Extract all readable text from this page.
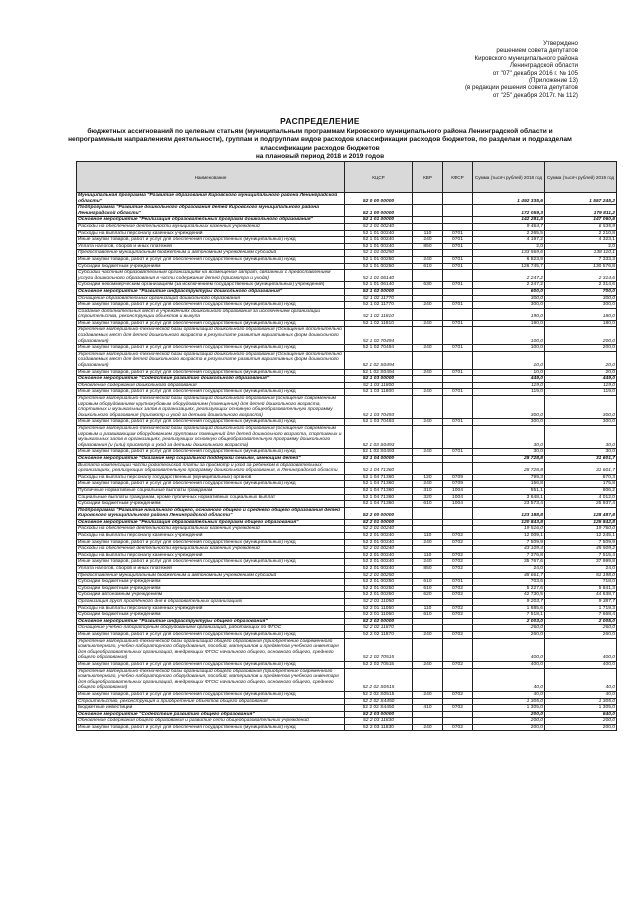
Утверждено
решением совета депутатов
Кировского муниципального района
Ленинградской области
от "07" декабря 2016 г. № 105
(Приложение 13)
(в редакции решения совета депутатов
от "25" декабря 2017г. № 112)
РАСПРЕДЕЛЕНИЕ
бюджетных ассигнований по целевым статьям (муниципальным программам Кировского муниципального района Ленинградской области и непрограммным направлениям деятельности), группам и подгруппам видов расходов классификации расходов бюджетов, по разделам и подразделам классификации расходов бюджетов
на плановый период 2018 и 2019 годов
Наименование	КЦСР	КВР	КФСР	Сумма (тысяч рублей) 2018 год	Сумма (тысяч рублей) 2019 год
Муниципальная программа "Развитие образования Кировского муниципального района Ленинградской области"	52 0 00 00000			1 492 335,6	1 557 245,2
Подпрограмма "Развитие дошкольного образования детей Кировского муниципального района Ленинградской области"	52 1 00 00000			172 059,3	179 811,2
Основное мероприятие "Реализация образовательных программ дошкольного образования"	52 1 01 00000			142 281,5	147 060,6
Расходы на обеспечение деятельности муниципальных казенных учреждений	52 1 01 00240			9 464,7	6 535,9
Расходы на выплаты персоналу казенных учреждений	52 1 01 00240	110	0701	2 265,5	2 210,8
Иные закупки товаров, работ и услуг для обеспечения государственных (муниципальных) нужд	52 1 01 00240	240	0701	4 197,2	4 323,1
Уплата налогов, сборов и иных платежей	52 1 01 00240	850	0701	2,0	2,0
Предоставление муниципальным бюджетным и автономным учреждениям субсидий	52 1 01 00250			133 569,6	138 110,1
Иные закупки товаров, работ и услуг для обеспечения государственных (муниципальных) нужд	52 1 01 00250	240	0701	6 823,9	7 333,3
Субсидии бюджетным учреждениям	52 1 01 00250	610	0701	126 745,7	130 576,8
Субсидии частным образовательным организациям на возмещение затрат, связанных с предоставлением услуги дошкольного образования в части содержания детей (присмотра и ухода)	52 1 01 06140			2 247,2	2 314,6
Субсидии некоммерческим организациям (за исключением государственных (муниципальных) учреждений)	52 1 01 06140	630	0701	2 247,2	2 314,6
Основное мероприятие "Развитие инфраструктуры дошкольного образования"	52 1 02 00000			600,0	700,0
Оснащение образовательных организаций дошкольного образования	52 1 02 11770			300,0	300,0
Иные закупки товаров, работ и услуг для обеспечения государственных (муниципальных) нужд	52 1 02 11770	240	0701	300,0	300,0
Создание дополнительных мест в учреждениях дошкольного образования за исключением организации строительства, реконструкции объектов и выкупа	52 1 02 11810			190,0	180,0
Иные закупки товаров, работ и услуг для обеспечения государственных (муниципальных) нужд	52 1 02 11810	240	0701	190,0	180,0
Укрепление материально-технической базы организаций дошкольного образования (Оснащение дополнительно создаваемых мест для детей дошкольного возраста в результате развития вариативных форм дошкольного образования)	52 1 02 70494			100,0	200,0
Иные закупки товаров, работ и услуг для обеспечения государственных (муниципальных) нужд	52 1 02 70494	240	0701	100,0	200,0
Укрепление материально-технической базы организаций дошкольного образования (Оснащение дополнительно создаваемых мест для детей дошкольного возраста в результате развития вариативных форм дошкольного образования)	52 1 02 S0494			10,0	20,0
Иные закупки товаров, работ и услуг для обеспечения государственных (муниципальных) нужд	52 1 02 S0494	240	0701	10,0	20,0
Основное мероприятие "Содействие развитию дошкольного образования"	52 1 03 00000			449,0	449,0
Обновление содержания дошкольного образования	52 1 03 11800			119,0	119,0
Иные закупки товаров, работ и услуг для обеспечения государственных (муниципальных) нужд	52 1 03 11800	240	0701	119,0	119,0
Укрепление материально-технической базы организаций дошкольного образования (оснащение современным игровым оборудованием крупнокубовым оборудованием (помещения) для детей дошкольного возраста, спортивных и музыкальных залов в организациях, реализующих основную общеобразовательную программу дошкольного образования (присмотр и уход за детьми дошкольного возраста)	52 1 03 70493			300,0	300,0
Иные закупки товаров, работ и услуг для обеспечения государственных (муниципальных) нужд	52 1 03 70493	240	0701	300,0	300,0
Укрепление материально-технической базы организаций дошкольного образования (оснащение современным игровым и развивающим оборудованием групповых помещений для детей дошкольного возраста, спортивных и музыкальных залов в организациях, реализующих основную общеобразовательную программу дошкольного образования (и (или) присмотр и уход за детьми дошкольного возраста)	52 1 03 S0493			30,0	30,0
Иные закупки товаров, работ и услуг для обеспечения государственных (муниципальных) нужд	52 1 03 S0493	240	0701	30,0	30,0
Основное мероприятие "Оказание мер социальной поддержки семьям, имеющим детей"	52 1 04 00000			28 728,8	31 601,7
Выплата компенсации части родительской платы за присмотр и уход за ребенком в образовательных организациях, реализующих образовательную программу дошкольного образования, в Ленинградской области	52 1 04 71360			28 728,8	31 601,7
Расходы на выплаты персоналу государственных (муниципальных) органов	52 1 04 71360	120	0709	799,3	870,3
Иные закупки товаров, работ и услуг для обеспечения государственных (муниципальных) нужд	52 1 04 71360	240	0709	156,8	175,8
Публичные нормативные социальные выплаты гражданам	52 1 04 71360	310	1004	551,1	606,2
Социальные выплаты гражданам, кроме публичных нормативных социальных выплат	52 1 04 71360	320	1004	3 648,1	4 012,0
Субсидии бюджетным учреждениям	52 1 04 71360	610	1004	23 573,4	25 937,4
Подпрограмма "Развитие начального общего, основного общего и среднего общего образования детей Кировского муниципального района Ленинградской области"	52 2 00 00000			123 188,8	128 487,8
Основное мероприятие "Реализация образовательных программ общего образования"	52 2 01 00000			120 843,8	125 842,8
Расходы на обеспечение деятельности муниципальных казенных учреждений	52 2 01 00240			19 516,0	19 760,0
Расходы на выплаты персоналу казенных учреждений	52 2 01 00240	110	0702	12 009,1	12 245,1
Иные закупки товаров, работ и услуг для обеспечения государственных (муниципальных) нужд	52 2 01 00240	240	0702	7 509,9	7 509,9
Расходы на обеспечение деятельности муниципальных казенных учреждений	52 2 01 00240			43 109,4	45 509,2
Расходы на выплаты персоналу казенных учреждений	52 2 01 00240	110	0702	7 376,8	7 515,4
Иные закупки товаров, работ и услуг для обеспечения государственных (муниципальных) нужд	52 2 01 00240	240	0702	35 767,6	37 999,8
Уплата налогов, сборов и иных платежей	52 2 01 00240	850	0702	24,0	24,0
Предоставление муниципальным бюджетным и автономным учреждениям субсидий	52 2 01 00250			48 661,7	51 198,0
Субсидии бюджетным учреждениям	52 2 01 00250	610	0701	703,6	718,0
Субсидии бюджетным учреждениям	52 2 01 00250	610	0702	5 227,6	5 841,3
Субсидии автономным учреждениям	52 2 01 00250	620	0702	42 730,5	44 638,7
Организация групп продлённого дня в образовательных организациях	52 2 01 11050			9 203,7	9 387,7
Расходы на выплаты персоналу казенных учреждений	52 2 01 11050	110	0702	1 685,6	1 719,3
Субсидии бюджетным учреждениям	52 2 01 11050	610	0702	7 518,1	7 668,4
Основное мероприятие "Развитие инфраструктуры общего образования"	52 2 02 00000			2 003,0	2 005,0
Оснащение учебно-лабораторным оборудованием организаций, работающих по ФГОС	52 2 02 11870			260,0	260,0
Иные закупки товаров, работ и услуг для обеспечения государственных (муниципальных) нужд	52 2 02 11870	240	0702	260,0	260,0
Укрепление материально-технической базы организаций общего образования (приобретение современного компьютерного, учебно-лабораторного оборудования, пособий, материалов и предметов учебного инвентаря для общеобразовательных организаций, внедряющих ФГОС начального общего, основного общего, среднего общего образования)	52 2 02 70515			400,0	400,0
Иные закупки товаров, работ и услуг для обеспечения государственных (муниципальных) нужд	52 2 02 70515	240	0702	400,0	400,0
Укрепление материально-технической базы организаций общего образования (приобретение современного компьютерного, учебно-лабораторного оборудования, пособий, материалов и предметов учебного инвентаря для общеобразовательных организаций, внедряющих ФГОС начального общего, основного общего, среднего общего образования)	52 2 02 S0515			40,0	40,0
Иные закупки товаров, работ и услуг для обеспечения государственных (муниципальных) нужд	52 2 02 S0515	240	0702	40,0	40,0
Строительство, реконструкция и приобретение объектов общего образования	52 2 02 S4450			1 305,0	1 305,0
Бюджетные инвестиции	52 2 02 S4450	410	0702	1 305,0	1 305,0
Основное мероприятие "Содействие развитию общего образования"	52 2 03 00000			200,0	640,0
Обновление содержания общего образования и развитие сети общеобразовательных учреждений	52 2 03 11830			200,0	200,0
Иные закупки товаров, работ и услуг для обеспечения государственных (муниципальных) нужд	52 2 03 11830	240	0702	200,0	200,0
